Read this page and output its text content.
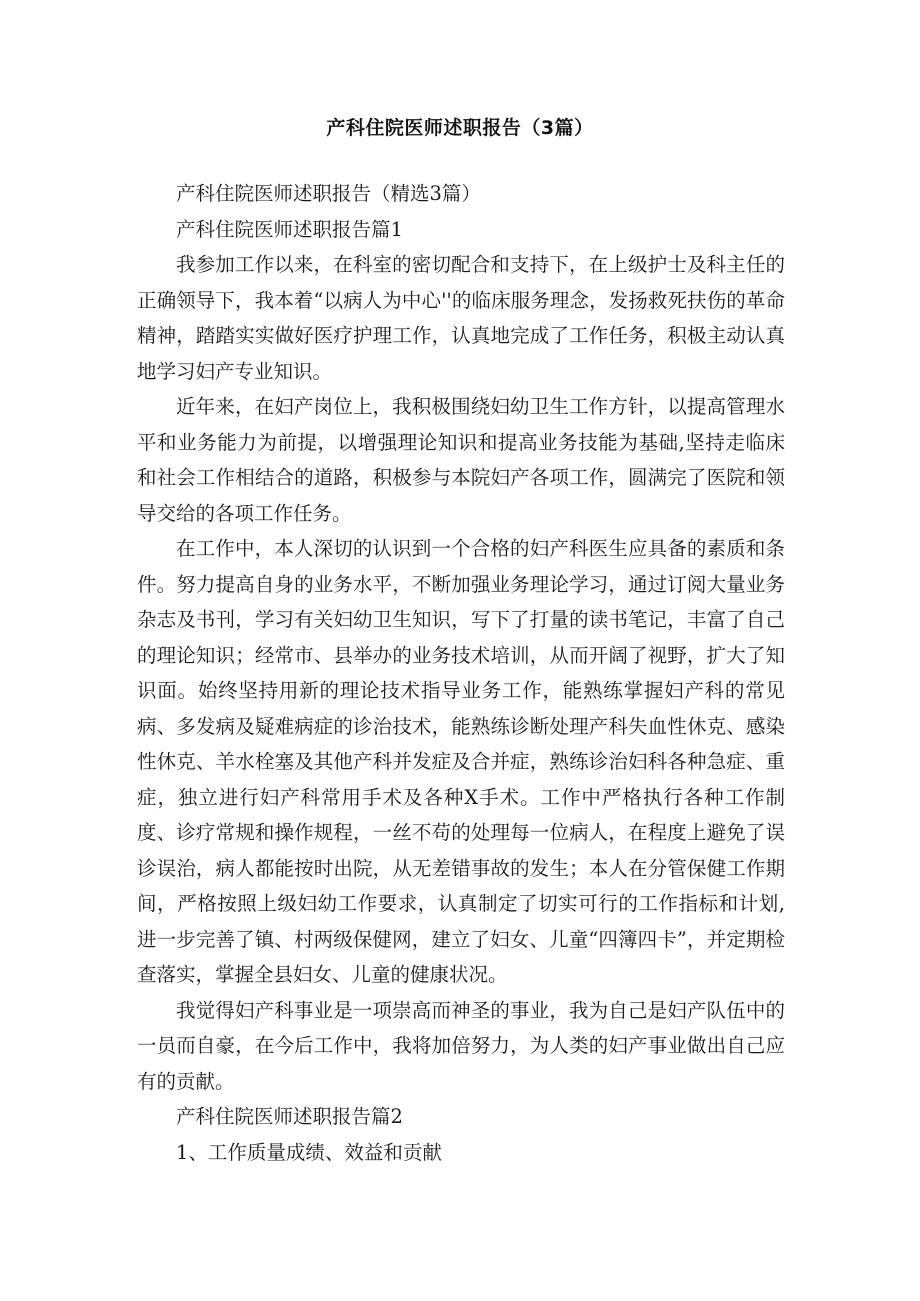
产科住院医师述职报告（3篇）

产科住院医师述职报告（精选3篇）

产科住院医师述职报告篇1

我参加工作以来，在科室的密切配合和支持下，在上级护士及科主任的正确领导下，我本着“以病人为中心''的临床服务理念，发扬救死扶伤的革命精神，踏踏实实做好医疗护理工作，认真地完成了工作任务，积极主动认真地学习妇产专业知识。

近年来，在妇产岗位上，我积极围绕妇幼卫生工作方针，以提高管理水平和业务能力为前提，以增强理论知识和提高业务技能为基础,坚持走临床和社会工作相结合的道路，积极参与本院妇产各项工作，圆满完了医院和领导交给的各项工作任务。

在工作中，本人深切的认识到一个合格的妇产科医生应具备的素质和条件。努力提高自身的业务水平，不断加强业务理论学习，通过订阅大量业务杂志及书刊，学习有关妇幼卫生知识，写下了打量的读书笔记，丰富了自己的理论知识；经常市、县举办的业务技术培训，从而开阔了视野，扩大了知识面。始终坚持用新的理论技术指导业务工作，能熟练掌握妇产科的常见病、多发病及疑难病症的诊治技术，能熟练诊断处理产科失血性休克、感染性休克、羊水栓塞及其他产科并发症及合并症，熟练诊治妇科各种急症、重症，独立进行妇产科常用手术及各种X手术。工作中严格执行各种工作制度、诊疗常规和操作规程，一丝不苟的处理每一位病人，在程度上避免了误诊误治，病人都能按时出院，从无差错事故的发生；本人在分管保健工作期间，严格按照上级妇幼工作要求，认真制定了切实可行的工作指标和计划,进一步完善了镇、村两级保健网，建立了妇女、儿童“四簿四卡”，并定期检查落实，掌握全县妇女、儿童的健康状况。

我觉得妇产科事业是一项崇高而神圣的事业，我为自己是妇产队伍中的一员而自豪，在今后工作中，我将加倍努力，为人类的妇产事业做出自己应有的贡献。

产科住院医师述职报告篇2

1、工作质量成绩、效益和贡献
